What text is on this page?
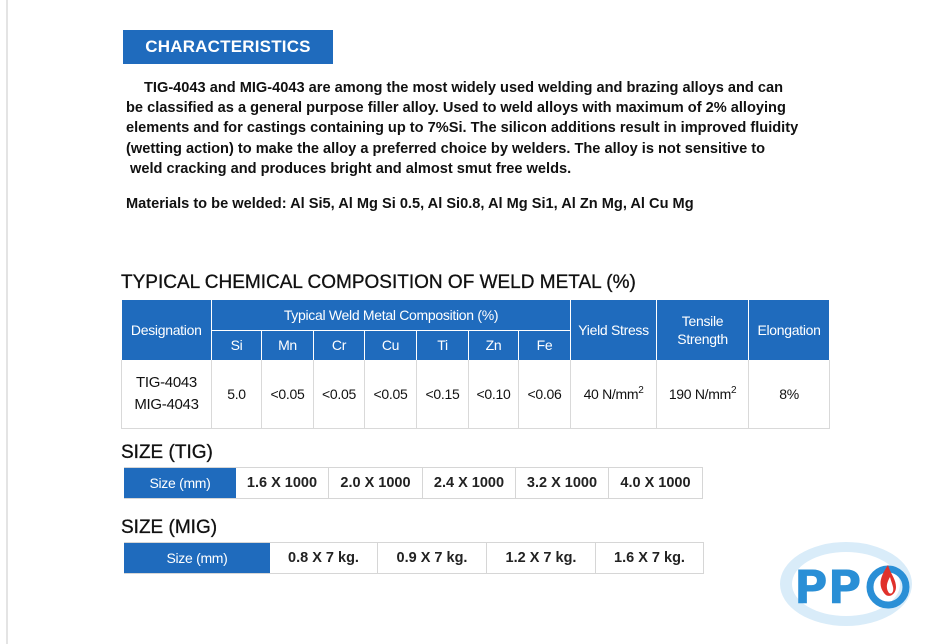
CHARACTERISTICS

TIG-4043 and MIG-4043 are among the most widely used welding and brazing alloys and can
be classified as a general purpose filler alloy. Used to weld alloys with maximum of 2% alloying
elements and for castings containing up to 7%Si. The silicon additions result in improved fluidity
(wetting action) to make the alloy a preferred choice by welders. The alloy is not sensitive to
weld cracking and produces bright and almost smut free welds.

Materials to be welded: Al Si5, Al Mg Si 0.5, Al Si0.8, Al Mg Si1, Al Zn Mg, Al Cu Mg
TYPICAL CHEMICAL COMPOSITION OF WELD METAL (%)
Designation	Typical Weld Metal Composition (%)							Yield Stress	Tensile Strength	Elongation
	Si	Mn	Cr	Cu	Ti	Zn	Fe			
TIG-4043
MIG-4043	5.0	<0.05	<0.05	<0.05	<0.15	<0.10	<0.06	40 $N/mm^2$	190 $N/mm^2$	8%
SIZE (TIG)
Size (mm)	1.6 X 1000	2.0 X 1000	2.4 X 1000	3.2 X 1000	4.0 X 1000
SIZE (MIG)
Size (mm)	0.8 X 7 kg.	0.9 X 7 kg.	1.2 X 7 kg.	1.6 X 7 kg.
PP
